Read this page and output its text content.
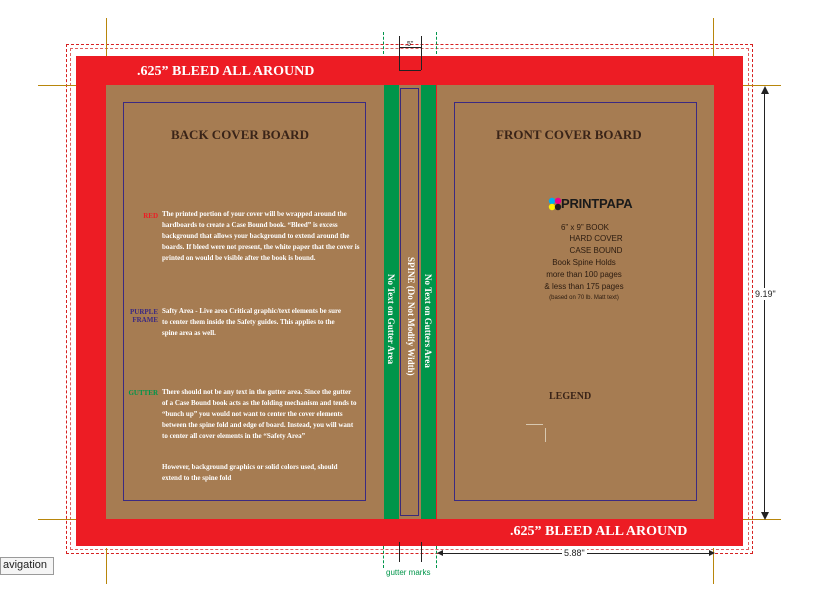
.625” BLEED ALL AROUND
.625” BLEED ALL AROUND
BACK COVER BOARD
RED The printed portion of your cover will be wrapped around the hardboards to create a Case Bound book. “Bleed” is excess background that allows your background to extend around the boards. If bleed were not present, the white paper that the cover is printed on would be visible after the book is bound.
PURPLE FRAME
Safty Area - Live area Critical graphic/text elements be sure to center them inside the Safety guides. This applies to the spine area as well.
GUTTER There should not be any text in the gutter area. Since the gutter of a Case Bound book acts as the folding mechanism and tends to “bunch up” you would not want to center the cover elements between the spine fold and edge of board. Instead, you will want to center all cover elements in the “Safety Area”
However, background graphics or solid colors used, should extend to the spine fold
No Text on Gutter Area SPINE (Do Not Modify Width) No Text on Gutters Area
FRONT COVER BOARD
PRINTPAPA
6” x 9” BOOK
HARD COVER
CASE BOUND
Book Spine Holds
more than 100 pages
& less than 175 pages
(based on 70 lb. Matt text)
LEGEND
.5"
gutter marks
5.88"
9.19"
avigation
